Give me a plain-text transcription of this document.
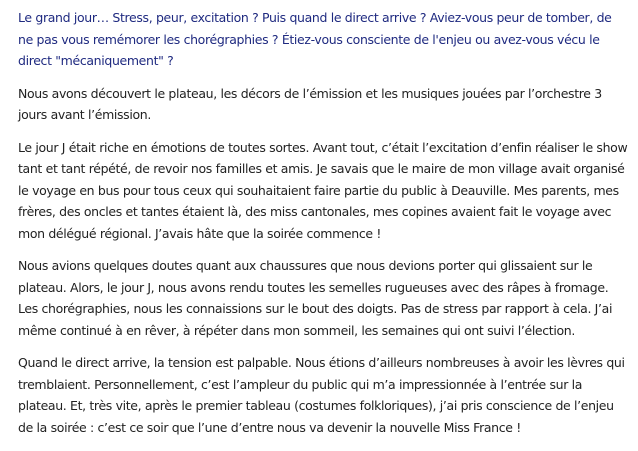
Le grand jour… Stress, peur, excitation ? Puis quand le direct arrive ? Aviez-vous peur de tomber, de ne pas vous remémorer les chorégraphies ? Étiez-vous consciente de l'enjeu ou avez-vous vécu le direct "mécaniquement" ?

Nous avons découvert le plateau, les décors de l’émission et les musiques jouées par l’orchestre 3 jours avant l’émission.

Le jour J était riche en émotions de toutes sortes. Avant tout, c’était l’excitation d’enfin réaliser le show tant et tant répété, de revoir nos familles et amis. Je savais que le maire de mon village avait organisé le voyage en bus pour tous ceux qui souhaitaient faire partie du public à Deauville. Mes parents, mes frères, des oncles et tantes étaient là, des miss cantonales, mes copines avaient fait le voyage avec mon délégué régional. J’avais hâte que la soirée commence !

Nous avions quelques doutes quant aux chaussures que nous devions porter qui glissaient sur le plateau. Alors, le jour J, nous avons rendu toutes les semelles rugueuses avec des râpes à fromage. Les chorégraphies, nous les connaissions sur le bout des doigts. Pas de stress par rapport à cela. J’ai même continué à en rêver, à répéter dans mon sommeil, les semaines qui ont suivi l’élection.

Quand le direct arrive, la tension est palpable. Nous étions d’ailleurs nombreuses à avoir les lèvres qui tremblaient. Personnellement, c’est l’ampleur du public qui m’a impressionnée à l’entrée sur la plateau. Et, très vite, après le premier tableau (costumes folkloriques), j’ai pris conscience de l’enjeu de la soirée : c’est ce soir que l’une d’entre nous va devenir la nouvelle Miss France !
